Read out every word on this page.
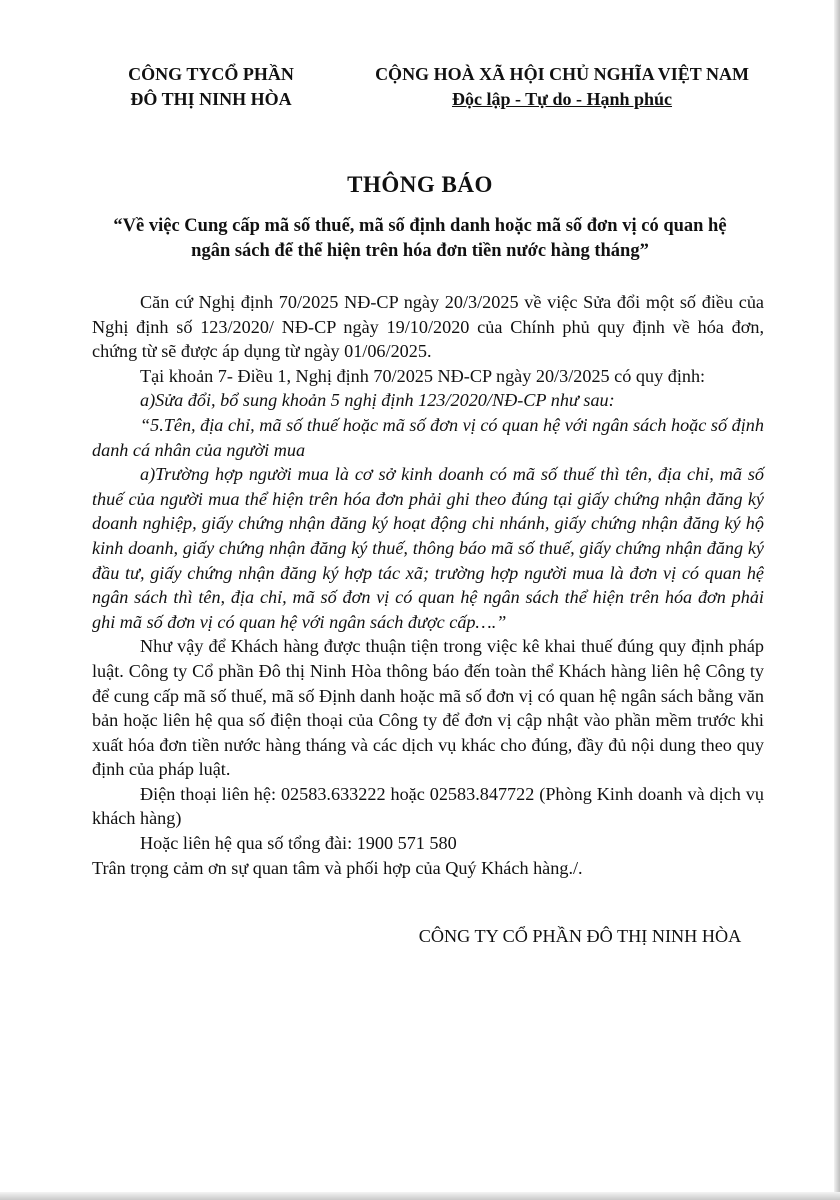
CÔNG TYCỔ PHẦN
ĐÔ THỊ NINH HÒA
CỘNG HOÀ XÃ HỘI CHỦ NGHĨA VIỆT NAM
Độc lập - Tự do - Hạnh phúc
THÔNG BÁO
“Về việc Cung cấp mã số thuế, mã số định danh hoặc mã số đơn vị có quan hệ
ngân sách để thể hiện trên hóa đơn tiền nước hàng tháng”

Căn cứ Nghị định 70/2025 NĐ-CP ngày 20/3/2025 về việc Sửa đổi một số điều của Nghị định số 123/2020/ NĐ-CP ngày 19/10/2020 của Chính phủ quy định về hóa đơn, chứng từ sẽ được áp dụng từ ngày 01/06/2025.

Tại khoản 7- Điều 1, Nghị định 70/2025 NĐ-CP ngày 20/3/2025 có quy định:

a)Sửa đổi, bổ sung khoản 5 nghị định 123/2020/NĐ-CP như sau:

“5.Tên, địa chỉ, mã số thuế hoặc mã số đơn vị có quan hệ với ngân sách hoặc số định danh cá nhân của người mua

a)Trường hợp người mua là cơ sở kinh doanh có mã số thuế thì tên, địa chỉ, mã số thuế của người mua thể hiện trên hóa đơn phải ghi theo đúng tại giấy chứng nhận đăng ký doanh nghiệp, giấy chứng nhận đăng ký hoạt động chi nhánh, giấy chứng nhận đăng ký hộ kinh doanh, giấy chứng nhận đăng ký thuế, thông báo mã số thuế, giấy chứng nhận đăng ký đầu tư, giấy chứng nhận đăng ký hợp tác xã; trường hợp người mua là đơn vị có quan hệ ngân sách thì tên, địa chỉ, mã số đơn vị có quan hệ ngân sách thể hiện trên hóa đơn phải ghi mã số đơn vị có quan hệ với ngân sách được cấp….”

Như vậy để Khách hàng được thuận tiện trong việc kê khai thuế đúng quy định pháp luật. Công ty Cổ phần Đô thị Ninh Hòa thông báo đến toàn thể Khách hàng liên hệ Công ty để cung cấp mã số thuế, mã số Định danh hoặc mã số đơn vị có quan hệ ngân sách bằng văn bản hoặc liên hệ qua số điện thoại của Công ty để đơn vị cập nhật vào phần mềm trước khi xuất hóa đơn tiền nước hàng tháng và các dịch vụ khác cho đúng, đầy đủ nội dung theo quy định của pháp luật.

Điện thoại liên hệ: 02583.633222 hoặc 02583.847722 (Phòng Kinh doanh và dịch vụ khách hàng)

Hoặc liên hệ qua số tổng đài: 1900 571 580

Trân trọng cảm ơn sự quan tâm và phối hợp của Quý Khách hàng./.

CÔNG TY CỔ PHẦN ĐÔ THỊ NINH HÒA
